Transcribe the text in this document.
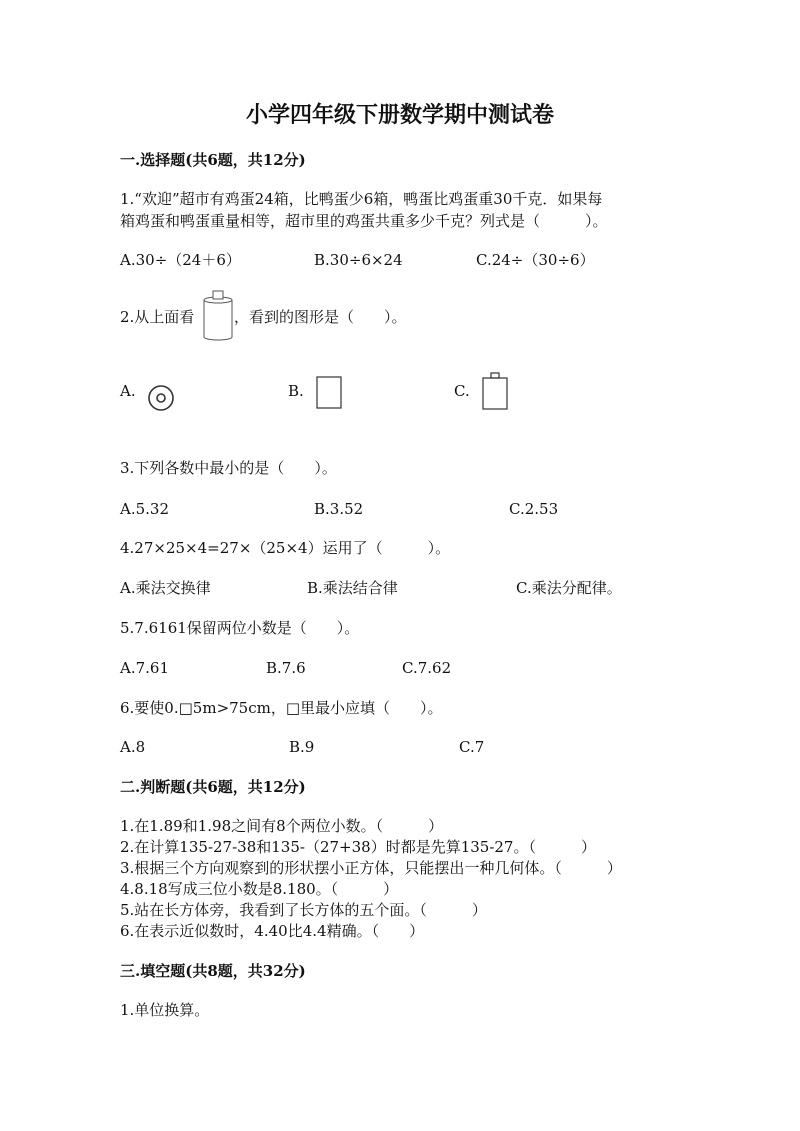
小学四年级下册数学期中测试卷
一.选择题(共6题，共12分)
1.“欢迎”超市有鸡蛋24箱，比鸭蛋少6箱，鸭蛋比鸡蛋重30千克．如果每
箱鸡蛋和鸭蛋重量相等，超市里的鸡蛋共重多少千克？列式是（　　　）。
A.30÷（24＋6）	B.30÷6×24	C.24÷（30÷6）
2.从上面看	，看到的图形是（　　）。
A.	B.	C.
3.下列各数中最小的是（　　）。
A.5.32	B.3.52	C.2.53
4.27×25×4=27×（25×4）运用了（　　　）。
A.乘法交换律	B.乘法结合律	C.乘法分配律。
5.7.6161保留两位小数是（　　）。
A.7.61	B.7.6	C.7.62
6.要使0.□5m>75cm，□里最小应填（　　）。
A.8	B.9	C.7
二.判断题(共6题，共12分)
1.在1.89和1.98之间有8个两位小数。（　　　）
2.在计算135-27-38和135-（27+38）时都是先算135-27。（　　　）
3.根据三个方向观察到的形状摆小正方体，只能摆出一种几何体。（　　　）
4.8.18写成三位小数是8.180。（　　　）
5.站在长方体旁，我看到了长方体的五个面。（　　　）
6.在表示近似数时，4.40比4.4精确。（　　）
三.填空题(共8题，共32分)
1.单位换算。
